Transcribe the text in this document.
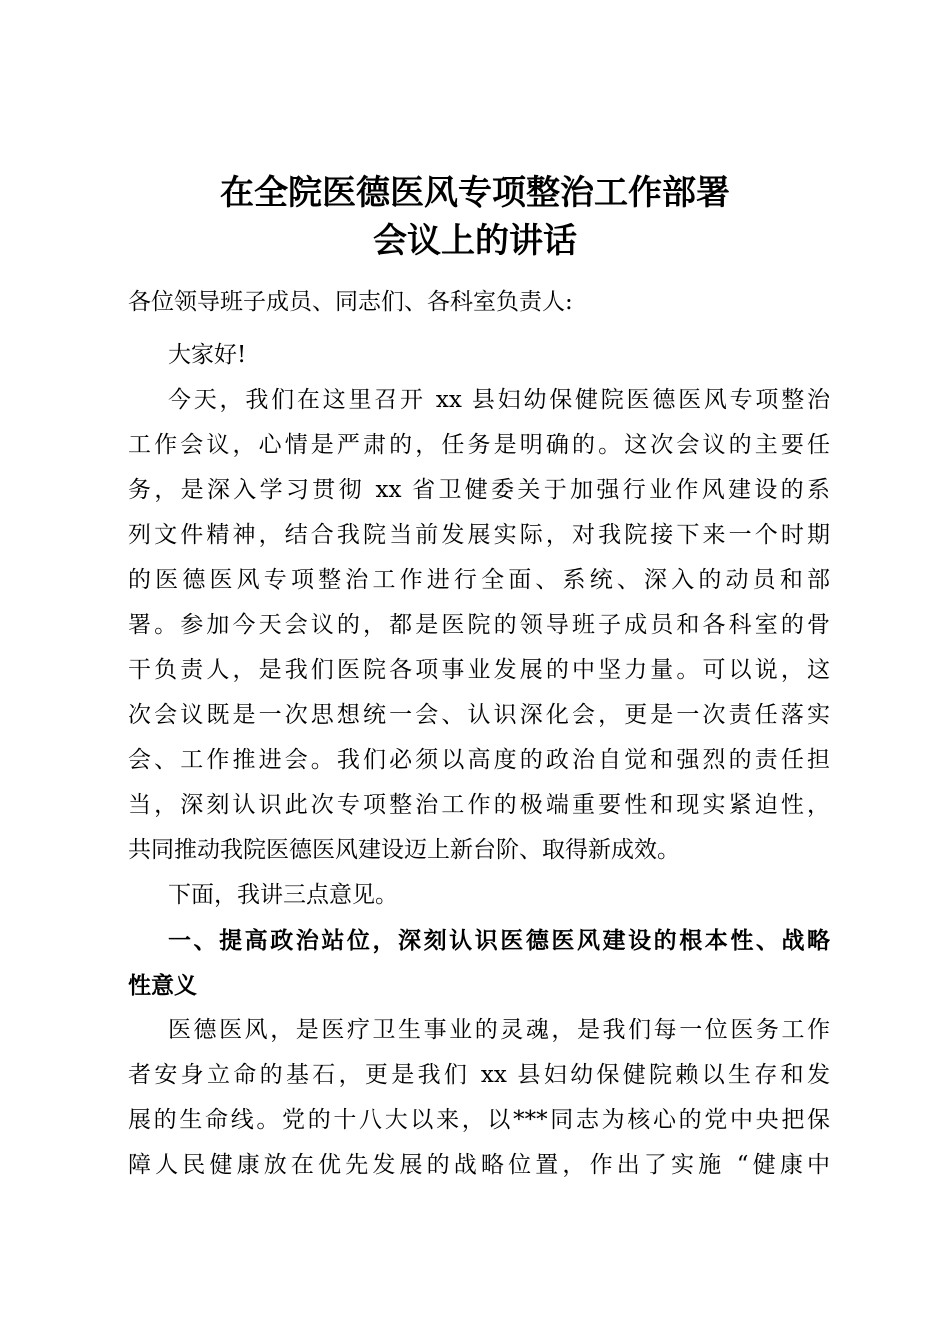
在全院医德医风专项整治工作部署
会议上的讲话
各位领导班子成员、同志们、各科室负责人:
大家好!
今天，我们在这里召开 xx 县妇幼保健院医德医风专项整治
工作会议，心情是严肃的，任务是明确的。这次会议的主要任
务，是深入学习贯彻 xx 省卫健委关于加强行业作风建设的系
列文件精神，结合我院当前发展实际，对我院接下来一个时期
的医德医风专项整治工作进行全面、系统、深入的动员和部
署。参加今天会议的，都是医院的领导班子成员和各科室的骨
干负责人，是我们医院各项事业发展的中坚力量。可以说，这
次会议既是一次思想统一会、认识深化会，更是一次责任落实
会、工作推进会。我们必须以高度的政治自觉和强烈的责任担
当，深刻认识此次专项整治工作的极端重要性和现实紧迫性，
共同推动我院医德医风建设迈上新台阶、取得新成效。
下面，我讲三点意见。
一、提高政治站位，深刻认识医德医风建设的根本性、战略
性意义
医德医风，是医疗卫生事业的灵魂，是我们每一位医务工作
者安身立命的基石，更是我们 xx 县妇幼保健院赖以生存和发
展的生命线。党的十八大以来，以***同志为核心的党中央把保
障人民健康放在优先发展的战略位置，作出了实施 “健康中
